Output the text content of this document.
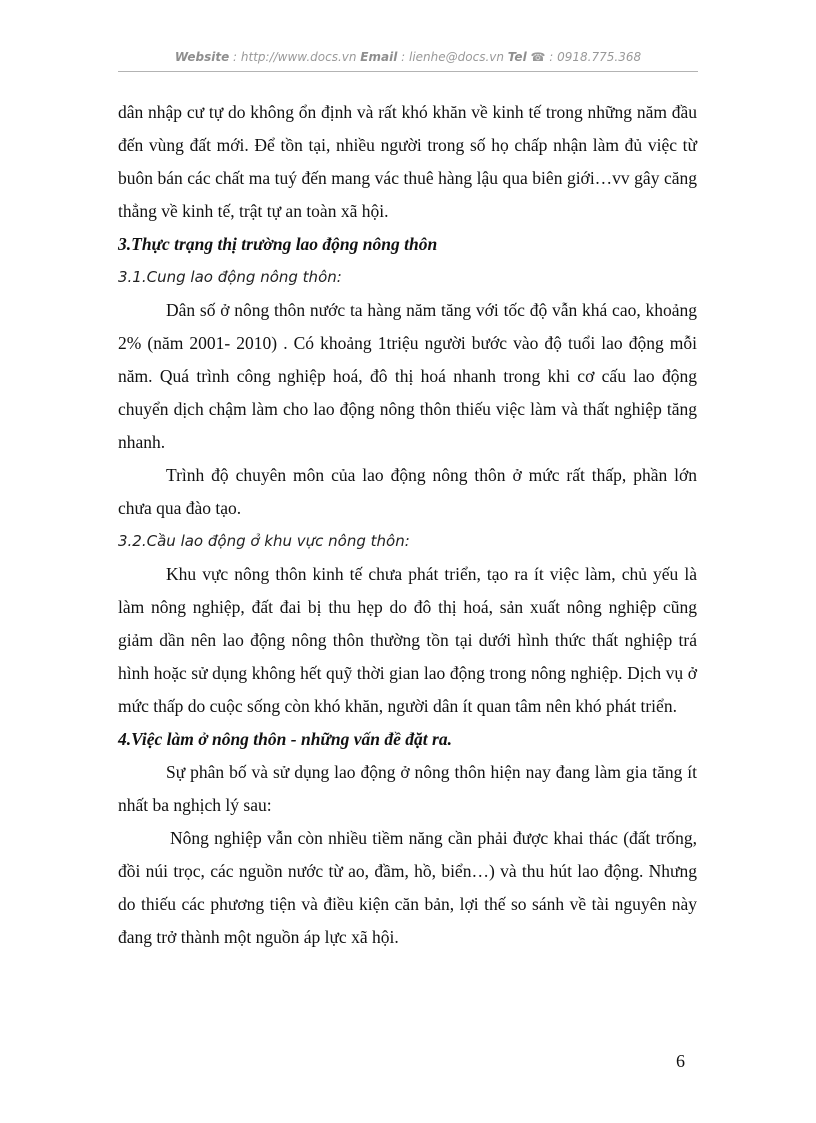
Website : http://www.docs.vn Email : lienhe@docs.vn Tel ☎ : 0918.775.368

dân nhập cư tự do không ổn định và rất khó khăn về kinh tế trong những năm đầu đến vùng đất mới. Để tồn tại, nhiều người trong số họ chấp nhận làm đủ việc từ buôn bán các chất ma tuý đến mang vác thuê hàng lậu qua biên giới…vv gây căng thẳng về kinh tế, trật tự an toàn xã hội.

3.Thực trạng thị trường lao động nông thôn

3.1.Cung lao động nông thôn:

Dân số ở nông thôn nước ta hàng năm tăng với tốc độ vẫn khá cao, khoảng 2% (năm 2001- 2010) . Có khoảng 1triệu người bước vào độ tuổi lao động mỗi năm. Quá trình công nghiệp hoá, đô thị hoá nhanh trong khi cơ cấu lao động chuyển dịch chậm làm cho lao động nông thôn thiếu việc làm và thất nghiệp tăng nhanh.

Trình độ chuyên môn của lao động nông thôn ở mức rất thấp, phần lớn chưa qua đào tạo.

3.2.Cầu lao động ở khu vực nông thôn:

Khu vực nông thôn kinh tế chưa phát triển, tạo ra ít việc làm, chủ yếu là làm nông nghiệp, đất đai bị thu hẹp do đô thị hoá, sản xuất nông nghiệp cũng giảm dần nên lao động nông thôn thường tồn tại dưới hình thức thất nghiệp trá hình hoặc sử dụng không hết quỹ thời gian lao động trong nông nghiệp. Dịch vụ ở mức thấp do cuộc sống còn khó khăn, người dân ít quan tâm nên khó phát triển.

4.Việc làm ở nông thôn - những vấn đề đặt ra.

Sự phân bố và sử dụng lao động ở nông thôn hiện nay đang làm gia tăng ít nhất ba nghịch lý sau:

Nông nghiệp vẫn còn nhiều tiềm năng cần phải được khai thác (đất trống, đồi núi trọc, các nguồn nước từ ao, đầm, hồ, biển…) và thu hút lao động. Nhưng do thiếu các phương tiện và điều kiện căn bản, lợi thế so sánh về tài nguyên này đang trở thành một nguồn áp lực xã hội.

6
